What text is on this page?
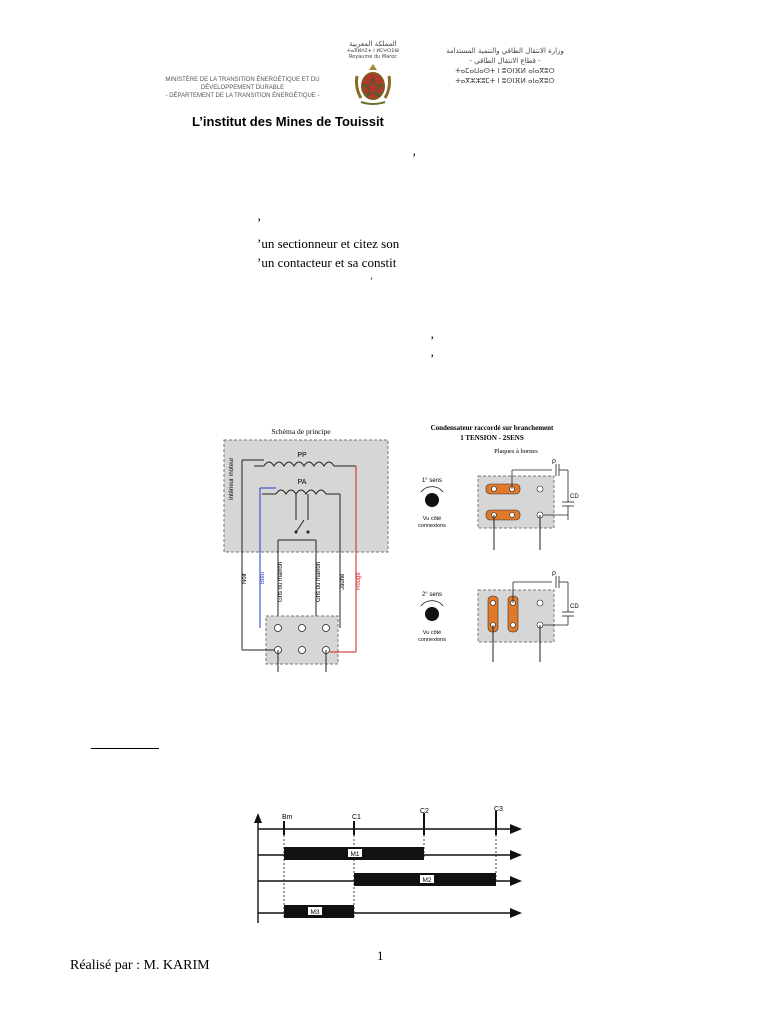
MINISTÈRE DE LA TRANSITION ÉNERGÉTIQUE ET DU
DÉVELOPPEMENT DURABLE
- DÉPARTEMENT DE LA TRANSITION ÉNERGÉTIQUE -
المملكة المغربية
ⵜⴰⴳⵍⴷⵉⵜ ⵏ ⵍⵎⵖⵔⵉⴱ
Royaume du Maroc
وزارة الانتقال الطاقي والتنمية المستدامة
- قطاع الانتقال الطاقي -
ⵜⴰⵎⴰⵡⴰⵙⵜ ⵏ ⵓⵙⵏⴼⵍ ⴰⵏⴰⴳⵓⵔ
ⵜⴰⴳⵣⵣⵓⵎⵜ ⵏ ⵓⵙⵏⴼⵍ ⴰⵏⴰⴳⵓⵔ
L’institut des Mines de Touissit
’
’
’un sectionneur et citez son
’un contacteur et sa constit
’
’
’
Schéma de principe
Intérieur moteur
PP
PA
Noir Bleu Gris ou marron	Gris ou marron	Jaune Rouge
Condensateur raccordé sur branchement
1 TENSION - 2SENS
Plaques à bornes
1° sens
Vu côté
connexions
P
CD
2° sens
Vu côté
connexions
P
CD
Bm	C1
C2	C3
M1
M2
M3
1
Réalisé par : M. KARIM
